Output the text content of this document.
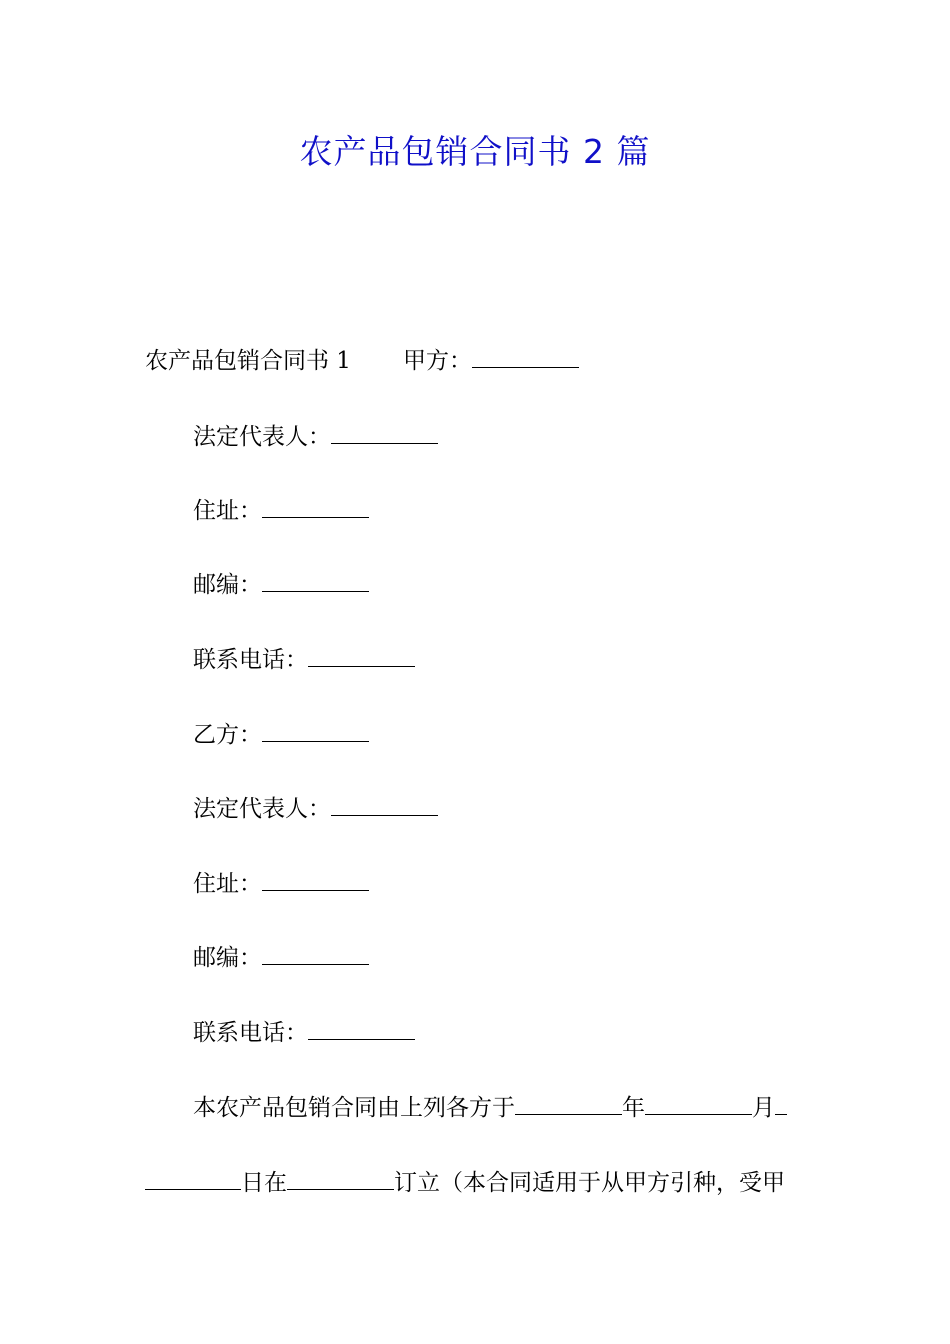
农产品包销合同书 2 篇
农产品包销合同书 1 甲方：
法定代表人：
住址：
邮编：
联系电话：
乙方：
法定代表人：
住址：
邮编：
联系电话：
本农产品包销合同由上列各方于	年	月
日在	订立（本合同适用于从甲方引种，受甲
